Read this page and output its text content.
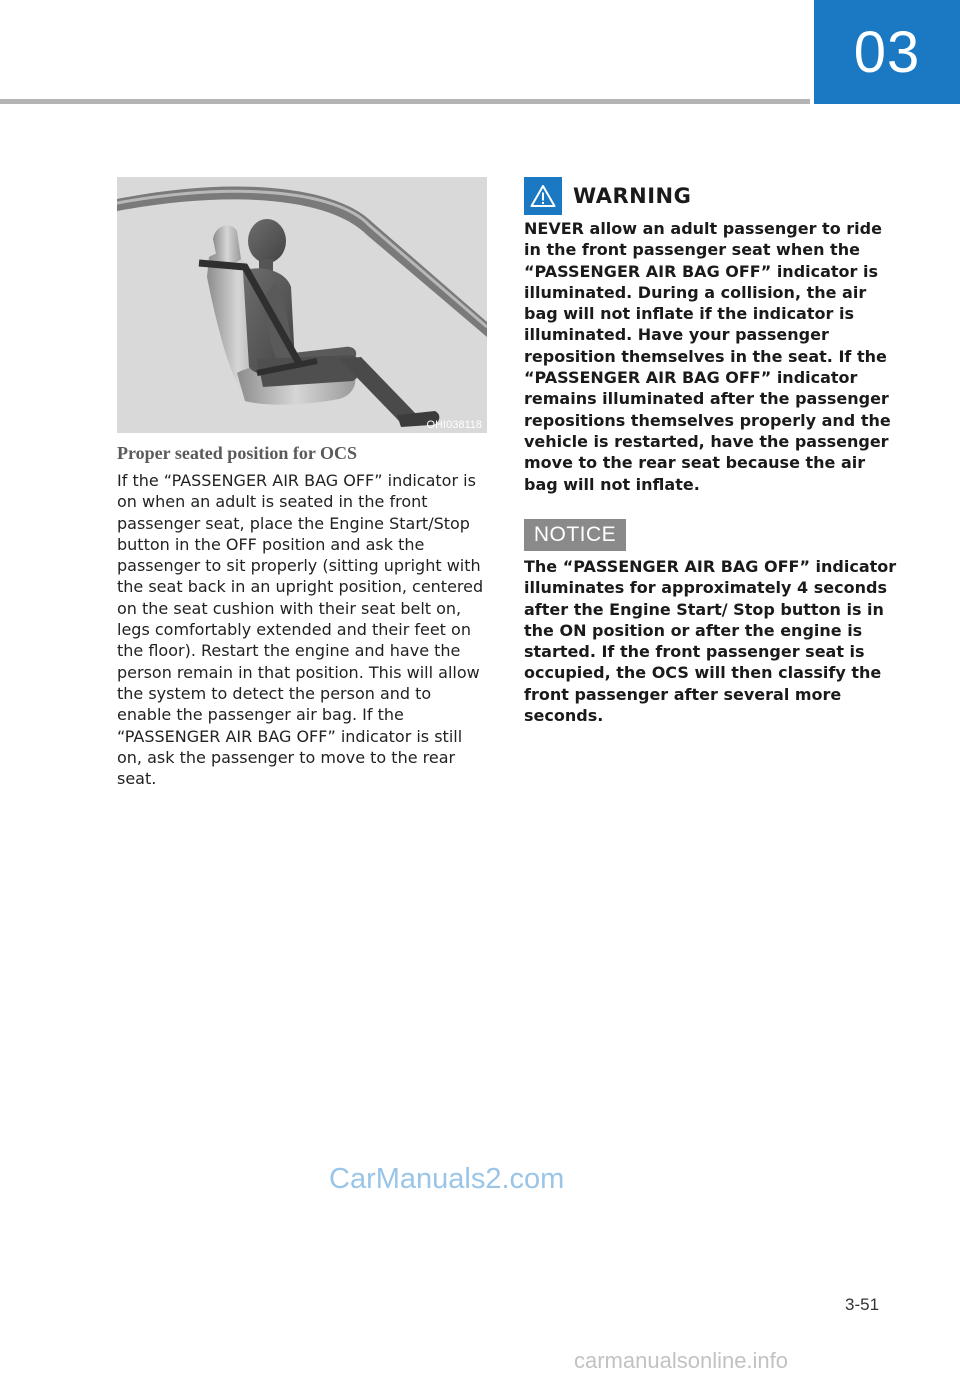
03
OHI038118
Proper seated position for OCS
If the “PASSENGER AIR BAG OFF” indicator is on when an adult is seated in the front passenger seat, place the Engine Start/Stop button in the OFF position and ask the passenger to sit properly (sitting upright with the seat back in an upright position, centered on the seat cushion with their seat belt on, legs comfortably extended and their feet on the floor). Restart the engine and have the person remain in that position. This will allow the system to detect the person and to enable the passenger air bag. If the “PASSENGER AIR BAG OFF” indicator is still on, ask the passenger to move to the rear seat.
WARNING
NEVER allow an adult passenger to ride in the front passenger seat when the “PASSENGER AIR BAG OFF” indicator is illuminated. During a collision, the air bag will not inflate if the indicator is illuminated. Have your passenger reposition themselves in the seat. If the “PASSENGER AIR BAG OFF” indicator remains illuminated after the passenger repositions themselves properly and the vehicle is restarted, have the passenger move to the rear seat because the air bag will not inflate.
NOTICE
The “PASSENGER AIR BAG OFF” indicator illuminates for approximately 4 seconds after the Engine Start/ Stop button is in the ON position or after the engine is started. If the front passenger seat is occupied, the OCS will then classify the front passenger after several more seconds.
CarManuals2.com
3-51
carmanualsonline.info
